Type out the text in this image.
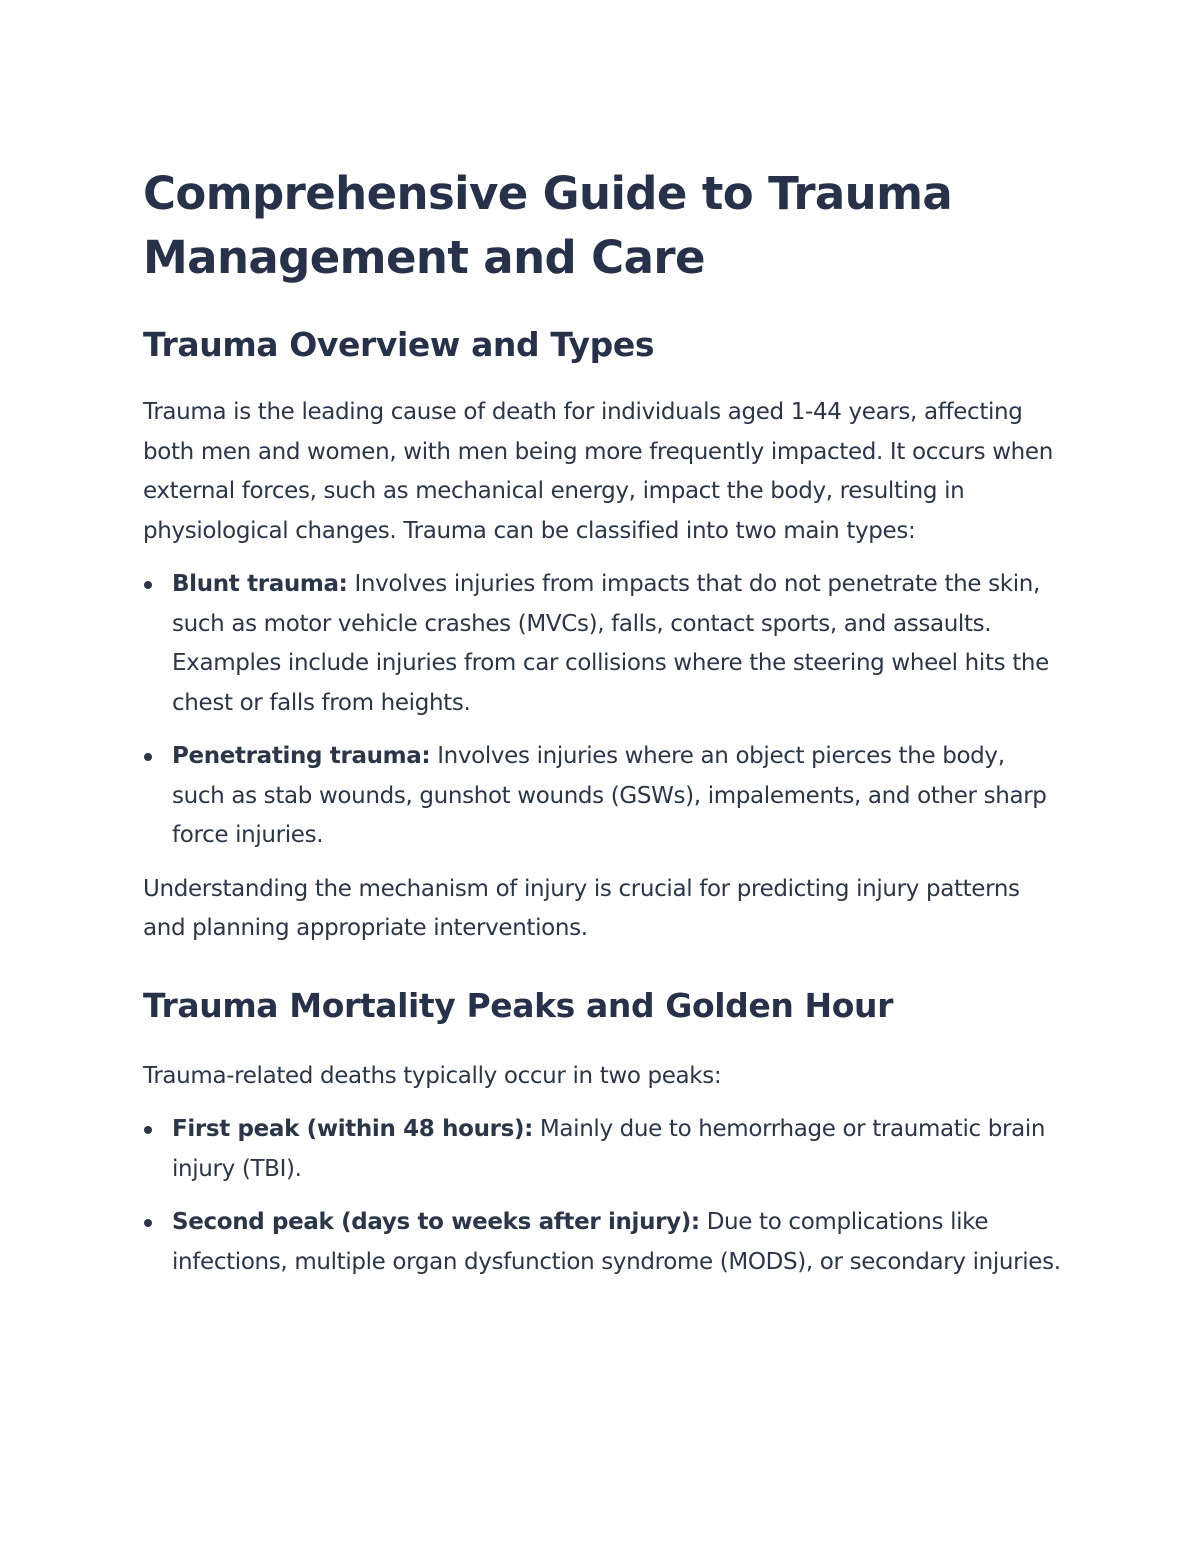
Comprehensive Guide to Trauma Management and Care
Trauma Overview and Types

Trauma is the leading cause of death for individuals aged 1-44 years, affecting both men and women, with men being more frequently impacted. It occurs when external forces, such as mechanical energy, impact the body, resulting in physiological changes. Trauma can be classified into two main types:

Blunt trauma: Involves injuries from impacts that do not penetrate the skin, such as motor vehicle crashes (MVCs), falls, contact sports, and assaults. Examples include injuries from car collisions where the steering wheel hits the chest or falls from heights.
Penetrating trauma: Involves injuries where an object pierces the body, such as stab wounds, gunshot wounds (GSWs), impalements, and other sharp force injuries.

Understanding the mechanism of injury is crucial for predicting injury patterns and planning appropriate interventions.

Trauma Mortality Peaks and Golden Hour

Trauma-related deaths typically occur in two peaks:

First peak (within 48 hours): Mainly due to hemorrhage or traumatic brain injury (TBI).
Second peak (days to weeks after injury): Due to complications like infections, multiple organ dysfunction syndrome (MODS), or secondary injuries.
